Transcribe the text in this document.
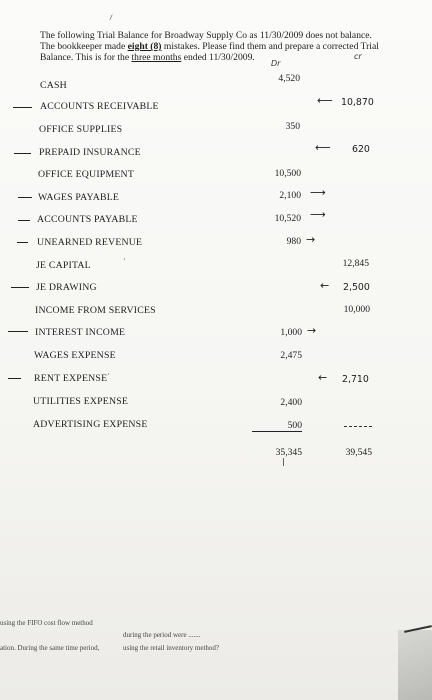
The following Trial Balance for Broadway Supply Co as 11/30/2009 does not balance.
The bookkeeper made eight (8) mistakes. Please find them and prepare a corrected Trial
Balance. This is for the three months ended 11/30/2009.
Dr
cr
CASH
ACCOUNTS RECEIVABLE
OFFICE SUPPLIES
PREPAID INSURANCE
OFFICE EQUIPMENT
WAGES PAYABLE
ACCOUNTS PAYABLE
UNEARNED REVENUE
JE CAPITAL
JE DRAWING
INCOME FROM SERVICES
INTEREST INCOME
WAGES EXPENSE
RENT EXPENSE
UTILITIES EXPENSE
ADVERTISING EXPENSE
4,520
350
10,500
2,100
10,520
980
1,000
2,475
2,400
500
35,345
10,870
620
12,845
2,500
10,000
2,710
39,545
⟵
⟵
⟶
⟶
→
←
→
←
/
·
·
using the FIFO cost flow method
ation. During the same time period,
during the period were .......
using the retail inventory method?
